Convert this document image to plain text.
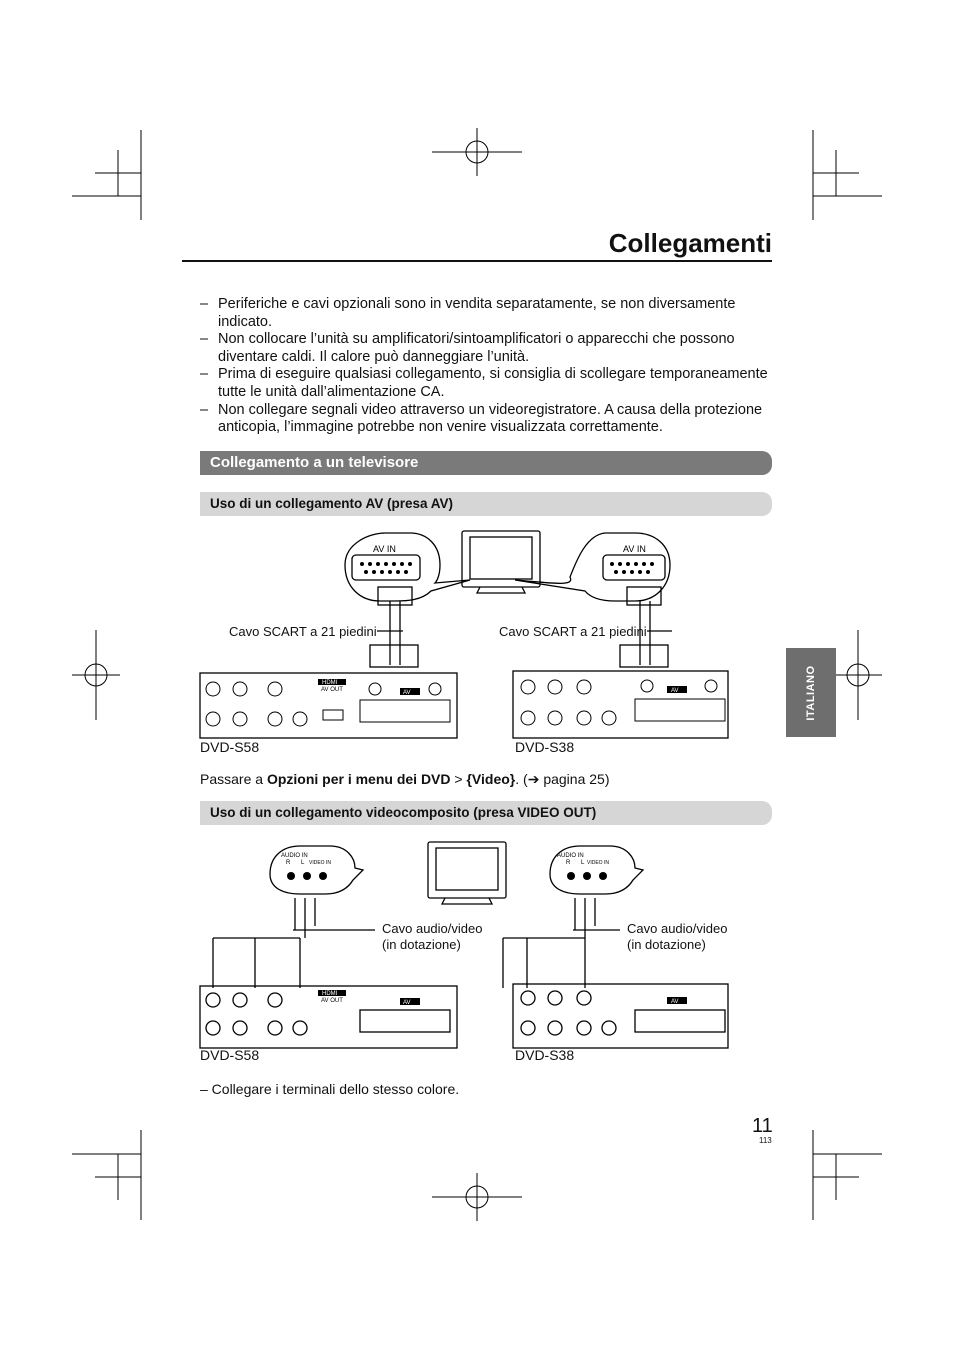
Collegamenti
– Periferiche e cavi opzionali sono in vendita separatamente, se non diversamente indicato.
– Non collocare l’unità su amplificatori/sintoamplificatori o apparecchi che possono diventare caldi. Il calore può danneggiare l’unità.
– Prima di eseguire qualsiasi collegamento, si consiglia di scollegare temporaneamente tutte le unità dall’alimentazione CA.
– Non collegare segnali video attraverso un videoregistratore. A causa della protezione anticopia, l’immagine potrebbe non venire visualizzata correttamente.
Collegamento a un televisore
Uso di un collegamento AV (presa AV)
ITALIANO
AV IN	AV IN
AV	AV
AV OUT
HDMI
Cavo SCART a 21 piedini	Cavo SCART a 21 piedini
DVD-S58	DVD-S38
Passare a Opzioni per i menu dei DVD > {Video}. (➔ pagina 25)
Uso di un collegamento videocomposito (presa VIDEO OUT)
AUDIO IN	AUDIO IN
R L VIDEO IN	R L VIDEO IN
AV	AV
AV OUT
HDMI
Cavo audio/video
(in dotazione)
Cavo audio/video
(in dotazione)
DVD-S58	DVD-S38
– Collegare i terminali dello stesso colore.
11
113
